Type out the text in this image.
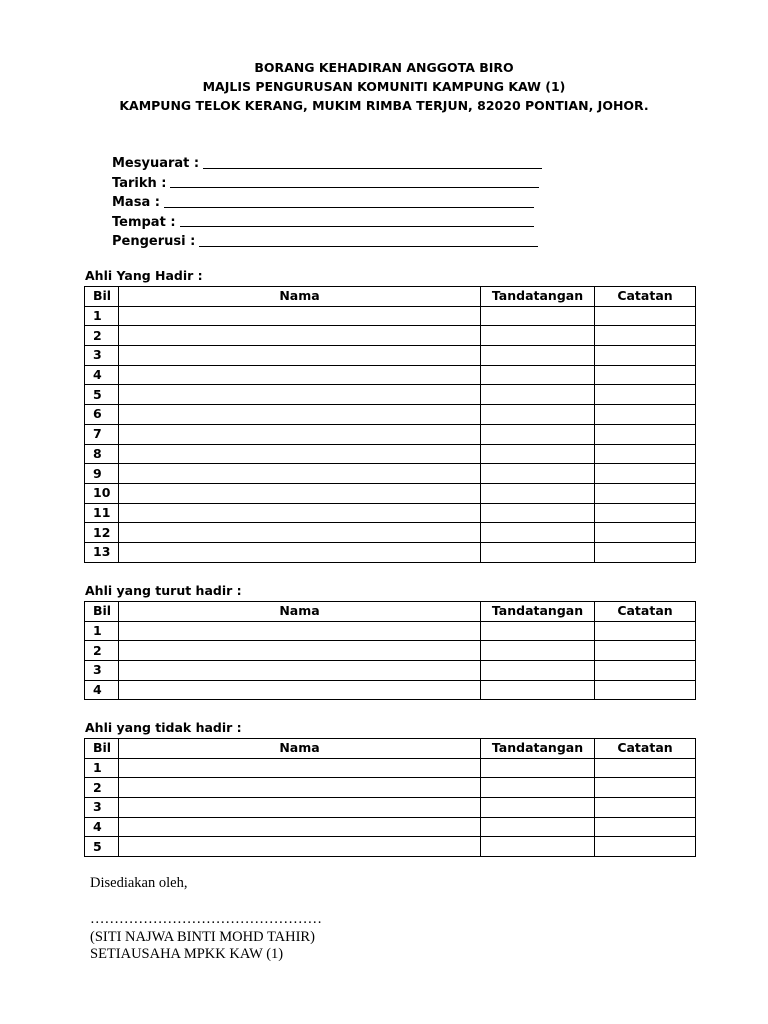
BORANG KEHADIRAN ANGGOTA BIRO
MAJLIS PENGURUSAN KOMUNITI KAMPUNG KAW (1)
KAMPUNG TELOK KERANG, MUKIM RIMBA TERJUN, 82020 PONTIAN, JOHOR.
Mesyuarat :
Tarikh :
Masa :
Tempat :
Pengerusi :
Ahli Yang Hadir :
Bil	Nama	Tandatangan	Catatan
1			
2			
3			
4			
5			
6			
7			
8			
9			
10			
11			
12			
13			
Ahli yang turut hadir :
Bil	Nama	Tandatangan	Catatan
1			
2			
3			
4			
Ahli yang tidak hadir :
Bil	Nama	Tandatangan	Catatan
1			
2			
3			
4			
5			
Disediakan oleh,
…………………………………………
(SITI NAJWA BINTI MOHD TAHIR)
SETIAUSAHA MPKK KAW (1)
